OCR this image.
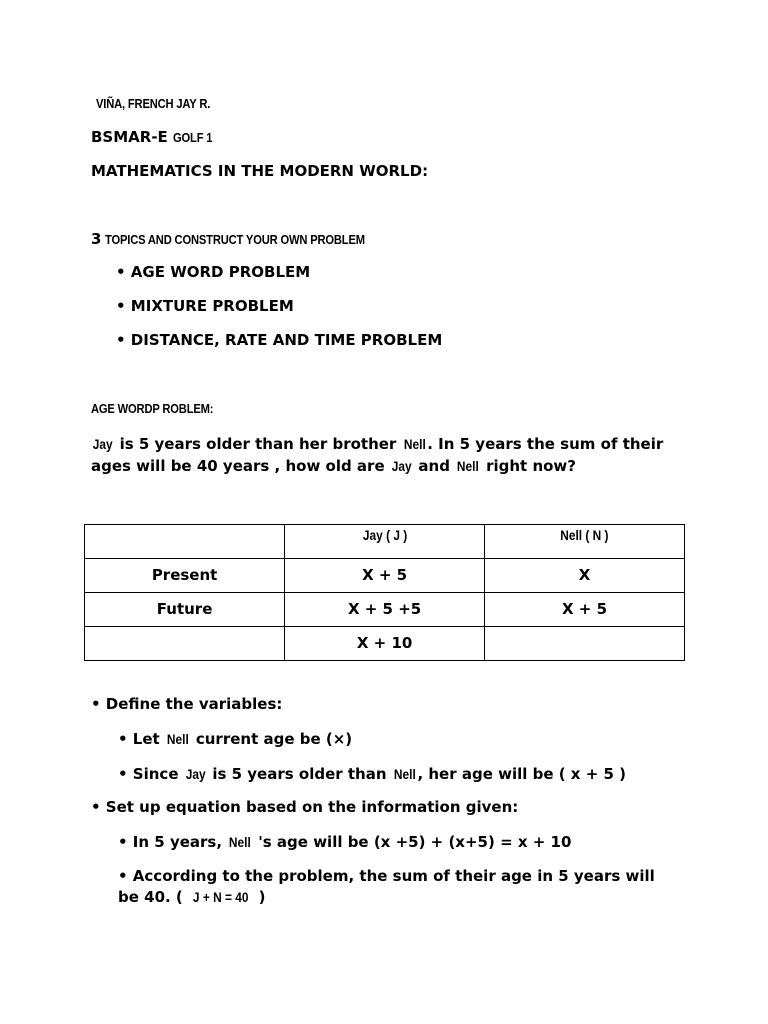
VIÑA, FRENCH JAY R.
BSMAR-E GOLF 1
MATHEMATICS IN THE MODERN WORLD:
3 TOPICS AND CONSTRUCT YOUR OWN PROBLEM
• AGE WORD PROBLEM
• MIXTURE PROBLEM
• DISTANCE, RATE AND TIME PROBLEM
AGE WORDP ROBLEM:
Jay is 5 years older than her brother Nell . In 5 years the sum of their ages will be 40 years , how old are Jay and Nell right now?
	Jay ( J )	Nell ( N )
Present	X + 5	X
Future	X + 5 +5	X + 5
	X + 10	
• Define the variables:
• Let Nell current age be (×)
• Since Jay is 5 years older than Nell , her age will be ( x + 5 )
• Set up equation based on the information given:
• In 5 years, Nell 's age will be (x +5) + (x+5) = x + 10
• According to the problem, the sum of their age in 5 years will be 40. ( J + N = 40 )
